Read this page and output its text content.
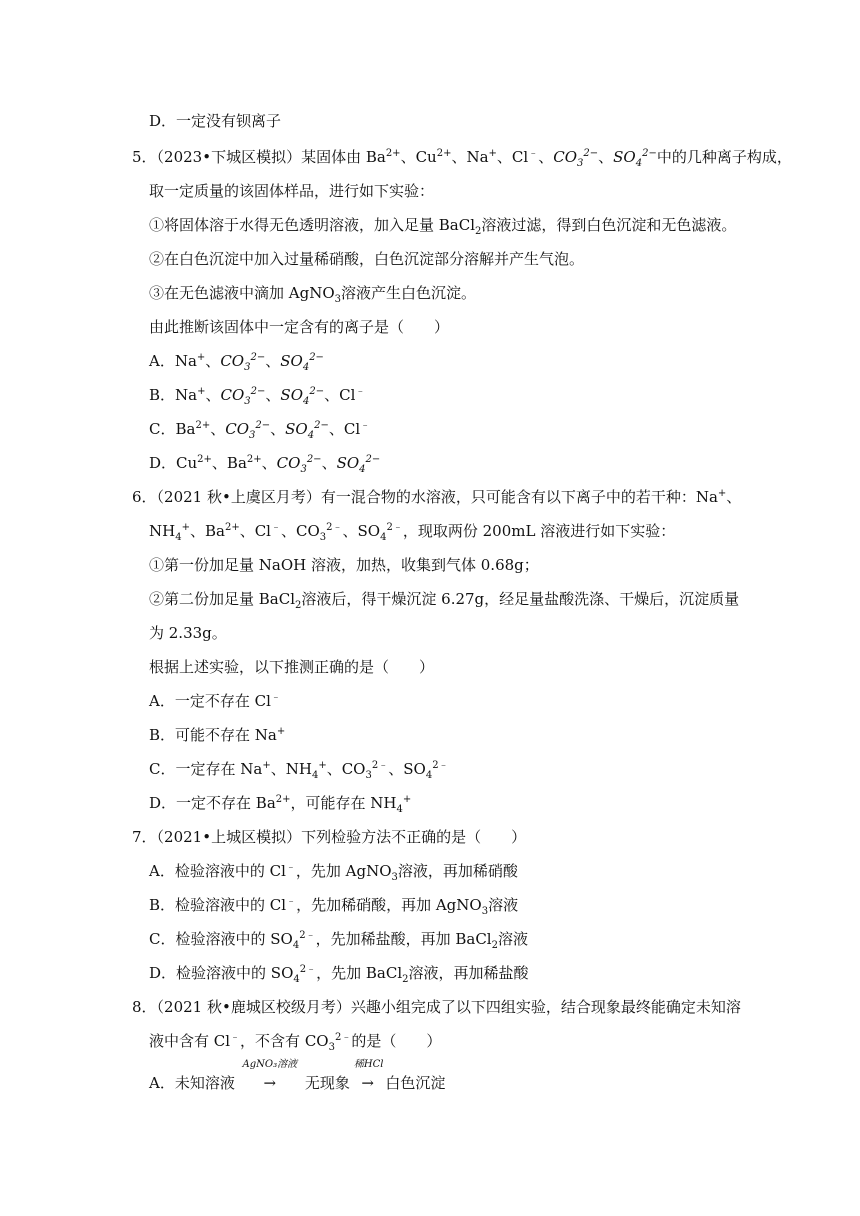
D．一定没有钡离子
5．（2023•下城区模拟）某固体由 $Ba^{2+}$、$Cu^{2+}$、Na+、Cl﹣、$CO_3^{2-}$、$SO_4^{2-}$中的几种离子构成，
取一定质量的该固体样品，进行如下实验：
①将固体溶于水得无色透明溶液，加入足量 BaCl$_2$溶液过滤，得到白色沉淀和无色滤液。
②在白色沉淀中加入过量稀硝酸，白色沉淀部分溶解并产生气泡。
③在无色滤液中滴加 AgNO$_3$溶液产生白色沉淀。
由此推断该固体中一定含有的离子是（　　）
A．Na+、$CO_3^{2-}$、$SO_4^{2-}$
B．Na+、$CO_3^{2-}$、$SO_4^{2-}$、Cl﹣
C．$Ba^{2+}$、$CO_3^{2-}$、$SO_4^{2-}$、Cl﹣
D．$Cu^{2+}$、$Ba^{2+}$、$CO_3^{2-}$、$SO_4^{2-}$
6．（2021 秋•上虞区月考）有一混合物的水溶液，只可能含有以下离子中的若干种：Na+、
$NH_4^+$、$Ba^{2+}$、Cl﹣、$CO_3^{2﹣}$、$SO_4^{2﹣}$，现取两份 200mL 溶液进行如下实验：
①第一份加足量 NaOH 溶液，加热，收集到气体 0.68g；
②第二份加足量 BaCl$_2$溶液后，得干燥沉淀 6.27g，经足量盐酸洗涤、干燥后，沉淀质量
为 2.33g。
根据上述实验，以下推测正确的是（　　）
A．一定不存在 Cl﹣
B．可能不存在 Na+
C．一定存在 Na+、$NH_4^+$、$CO_3^{2﹣}$、$SO_4^{2﹣}$
D．一定不存在 $Ba^{2+}$，可能存在 $NH_4^+$
7．（2021•上城区模拟）下列检验方法不正确的是（　　）
A．检验溶液中的 Cl﹣，先加 AgNO$_3$溶液，再加稀硝酸
B．检验溶液中的 Cl﹣，先加稀硝酸，再加 AgNO$_3$溶液
C．检验溶液中的 $SO_4^{2﹣}$，先加稀盐酸，再加 BaCl$_2$溶液
D．检验溶液中的 $SO_4^{2﹣}$，先加 BaCl$_2$溶液，再加稀盐酸
8．（2021 秋•鹿城区校级月考）兴趣小组完成了以下四组实验，结合现象最终能确定未知溶
液中含有 Cl﹣，不含有 $CO_3^{2﹣}$的是（　　）
A．未知溶液
AgNO₃溶液
→ 无现象
稀HCl
→ 白色沉淀
